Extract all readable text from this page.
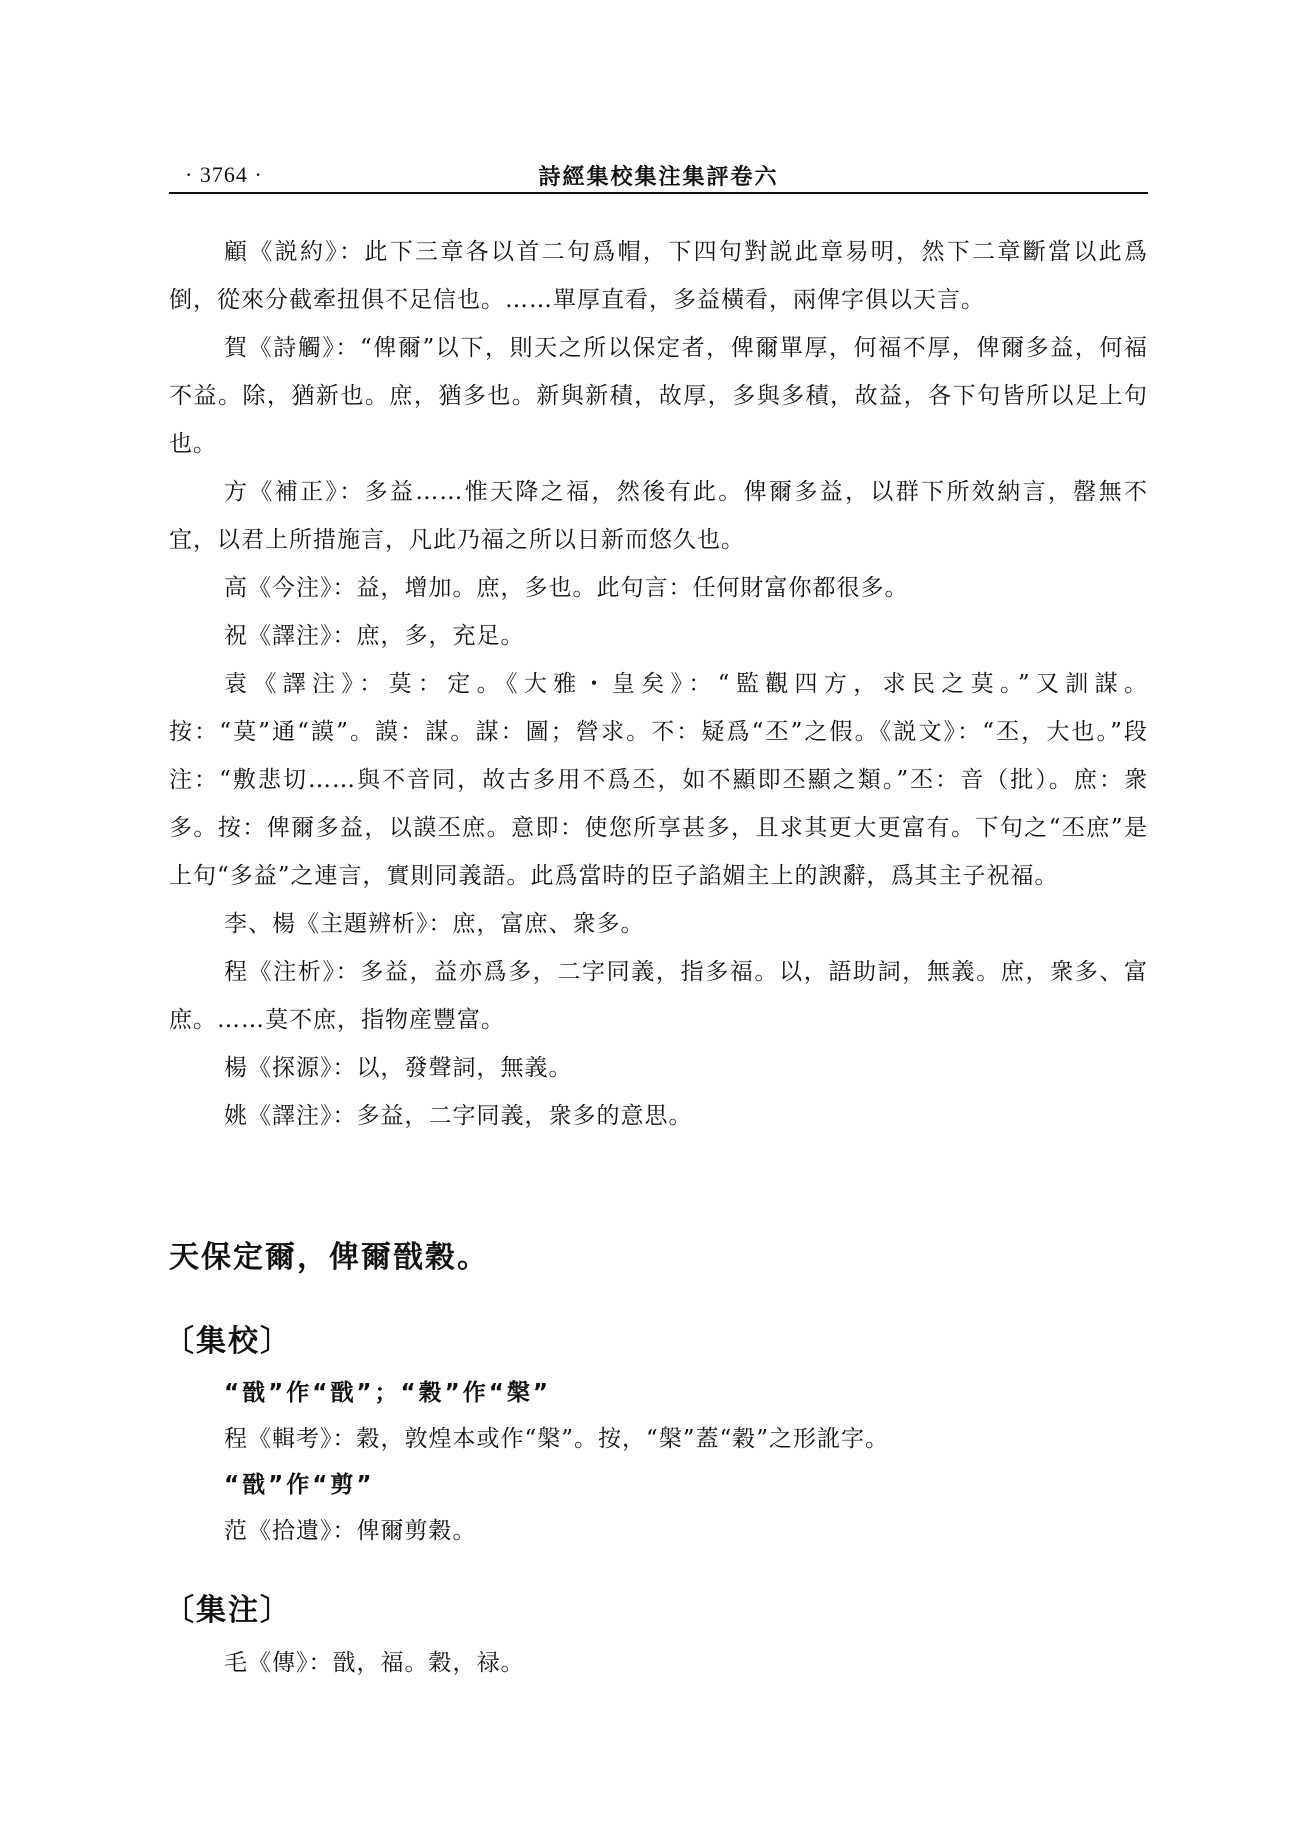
· 3764 ·	詩經集校集注集評卷六

顧《説約》：此下三章各以首二句爲帽，下四句對説此章易明，然下二章斷當以此爲倒，從來分截牽扭俱不足信也。……單厚直看，多益橫看，兩俾字俱以天言。

賀《詩觸》：“俾爾”以下，則天之所以保定者，俾爾單厚，何福不厚，俾爾多益，何福不益。除，猶新也。庶，猶多也。新與新積，故厚，多與多積，故益，各下句皆所以足上句也。

方《補正》：多益……惟天降之福，然後有此。俾爾多益，以群下所效納言，罄無不宜，以君上所措施言，凡此乃福之所以日新而悠久也。

高《今注》：益，增加。庶，多也。此句言：任何財富你都很多。

祝《譯注》：庶，多，充足。

袁《譯注》：莫：定。《大雅・皇矣》：“監觀四方，求民之莫。”又訓謀。按：“莫”通“謨”。謨：謀。謀：圖；營求。不：疑爲“丕”之假。《説文》：“丕，大也。”段注：“敷悲切……與不音同，故古多用不爲丕，如不顯即丕顯之類。”丕：音（批）。庶：衆多。按：俾爾多益，以謨丕庶。意即：使您所享甚多，且求其更大更富有。下句之“丕庶”是上句“多益”之連言，實則同義語。此爲當時的臣子諂媚主上的諛辭，爲其主子祝福。

李、楊《主題辨析》：庶，富庶、衆多。

程《注析》：多益，益亦爲多，二字同義，指多福。以，語助詞，無義。庶，衆多、富庶。……莫不庶，指物産豐富。

楊《探源》：以，發聲詞，無義。

姚《譯注》：多益，二字同義，衆多的意思。

天保定爾，俾爾戩穀。
〔集校〕

“戩”作“戬”；“穀”作“槃”

程《輯考》：穀，敦煌本或作“槃”。按，“槃”蓋“穀”之形訛字。

“戩”作“剪”

范《拾遺》：俾爾剪穀。

〔集注〕

毛《傳》：戩，福。穀，禄。
